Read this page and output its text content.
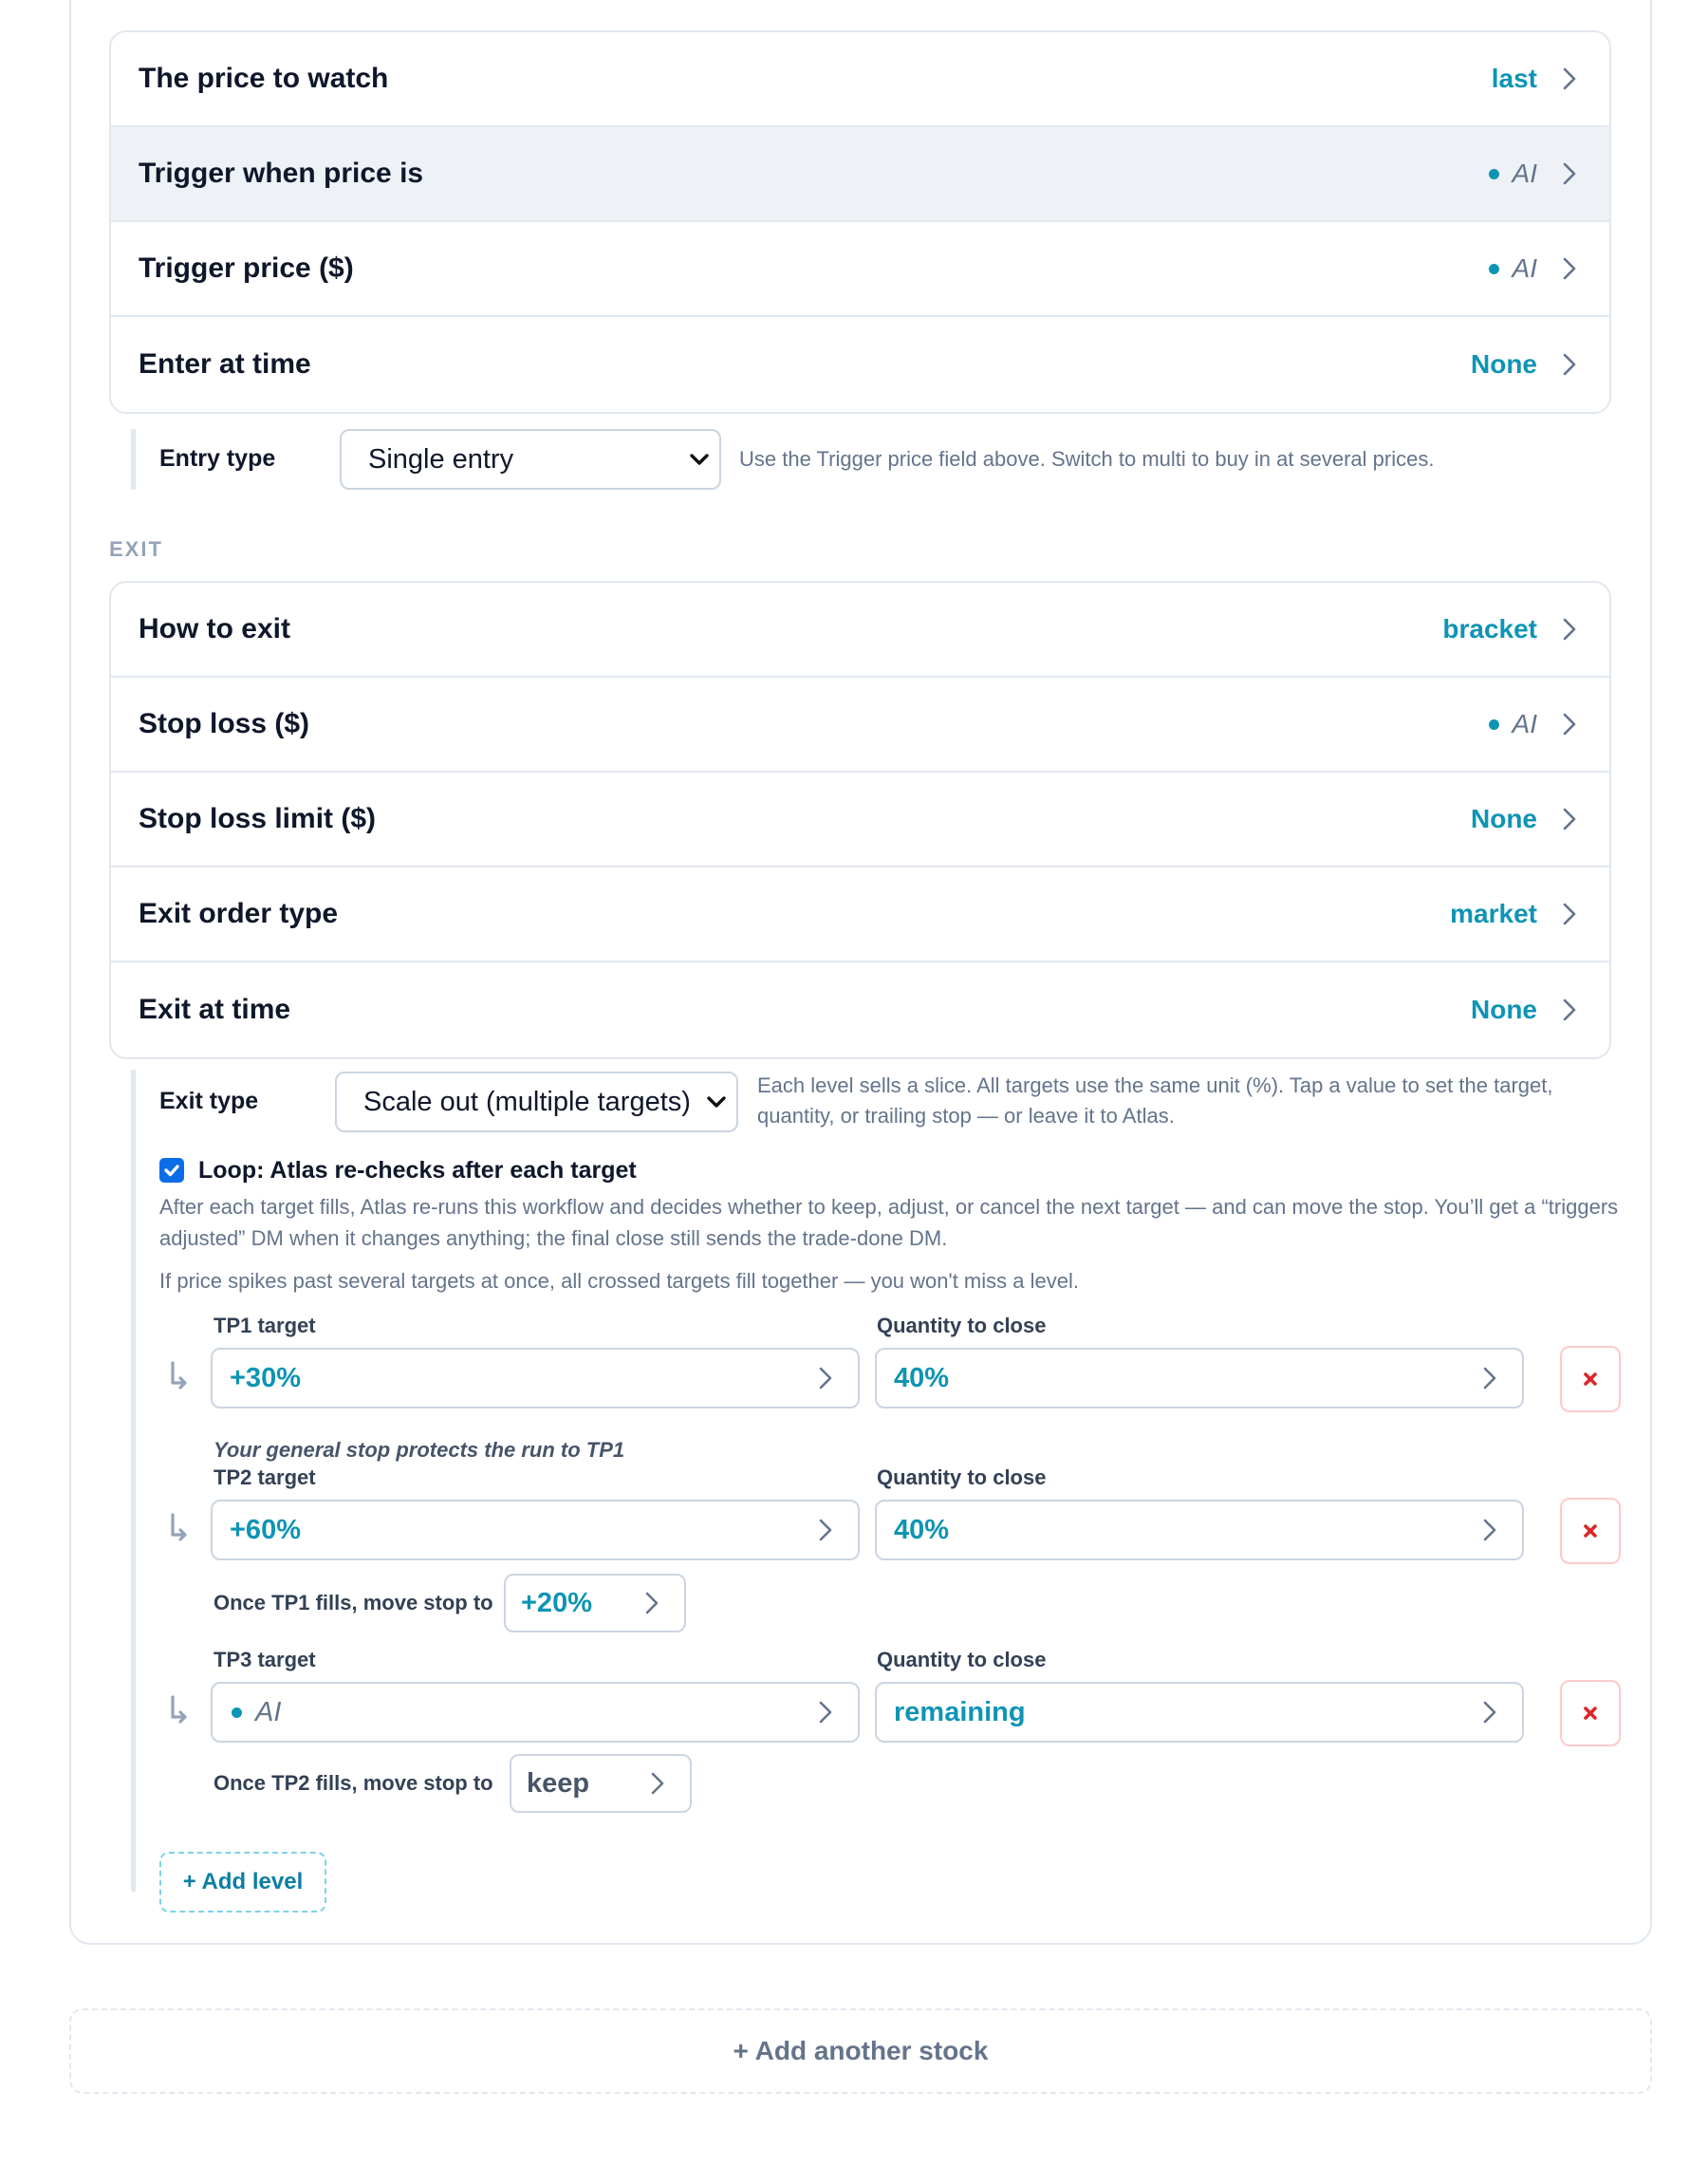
The price to watch	last
Trigger when price is	AI
Trigger price ($)	AI
Enter at time	None
Entry type	Single entry	Use the Trigger price field above. Switch to multi to buy in at several prices.
EXIT
How to exit	bracket
Stop loss ($)	AI
Stop loss limit ($)	None
Exit order type	market
Exit at time	None
Exit type	Scale out (multiple targets)
Each level sells a slice. All targets use the same unit (%). Tap a value to set the target, quantity, or trailing stop — or leave it to Atlas.
Loop: Atlas re-checks after each target
After each target fills, Atlas re-runs this workflow and decides whether to keep, adjust, or cancel the next target — and can move the stop. You’ll get a “triggers adjusted” DM when it changes anything; the final close still sends the trade-done DM.
If price spikes past several targets at once, all crossed targets fill together — you won't miss a level.
TP1 target	Quantity to close
+30%	40%
Your general stop protects the run to TP1
TP2 target	Quantity to close
+60%	40%
Once TP1 fills, move stop to +20%
TP3 target	Quantity to close
AI	remaining
Once TP2 fills, move stop to keep
+ Add level
+ Add another stock
